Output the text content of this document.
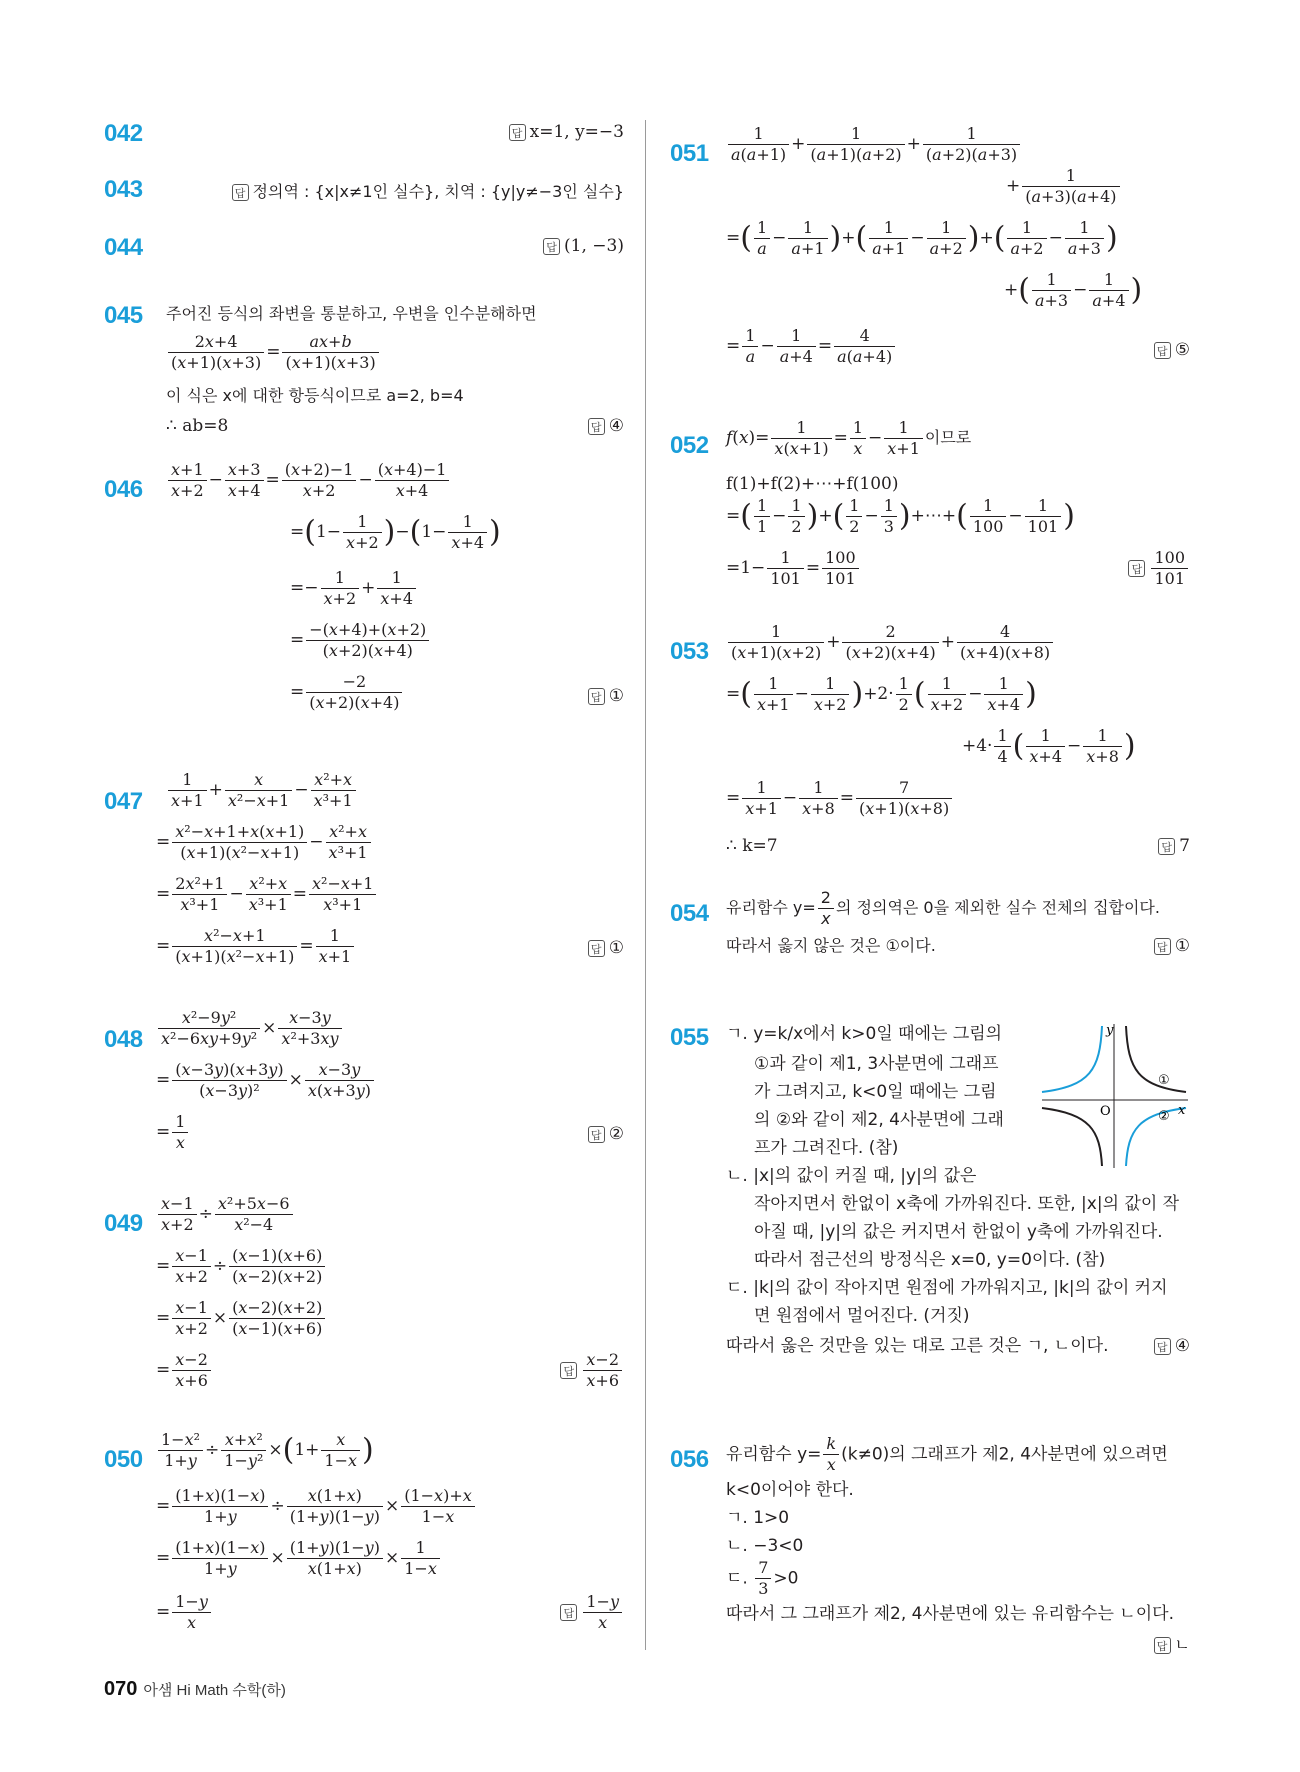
042	답 x=1, y=−3
043	답 정의역 : {x|x≠1인 실수}, 치역 : {y|y≠−3인 실수}
044	답 (1, −3)
045 주어진 등식의 좌변을 통분하고, 우변을 인수분해하면
$\frac{2x+4}{(x+1)(x+3)} = \frac{ax+b}{(x+1)(x+3)}$
이 식은 x에 대한 항등식이므로 a=2, b=4
∴ ab=8	답 ④
$046 \frac{x+1}{x+2} - \frac{x+3}{x+4} = \frac{(x+2)-1}{x+2} - \frac{(x+4)-1}{x+4}$
$=(1- \frac{1}{x+2} )-(1- \frac{1}{x+4}$ )
=− $\frac{1}{x+2} + \frac{1}{x+4}$
= $\frac{-(x+4)+(x+2)}{(x+2)(x+4)}$
= $\frac{-2}{(x+2)(x+4)}$	답 ①
$047 \frac{1}{x+1} + \frac{x}{\text{x²−x+1}} - \frac{\text{x²+x}}{\text{x³+1}}$
= $\frac{\text{x²−x+1+x(x+1)}}{\text{(x+1)(x²−x+1)}} - \frac{\text{x²+x}}{\text{x³+1}}$
= $\frac{\text{2x²+1}}{\text{x³+1}} - \frac{\text{x²+x}}{\text{x³+1}} = \frac{\text{x²−x+1}}{\text{x³+1}}$
= $\frac{\text{x²−x+1}}{\text{(x+1)(x²−x+1)}} = \frac{1}{x+1}$	답 ①
$048 \frac{\text{x²−9y²}}{\text{x²−6xy+9y²}} \times \frac{x-3y}{\text{x²+3xy}}$
= $\frac{(x-3y)(x+3y)}{\text{(x−3y)²}} \times \frac{x-3y}{x(x+3y)}$
= $\frac{1}{x}$	답 ②
$049 \frac{x-1}{x+2} \div \frac{\text{x²+5x−6}}{\text{x²−4}}$
= $\frac{x-1}{x+2} \div \frac{(x-1)(x+6)}{(x-2)(x+2)}$
= $\frac{x-1}{x+2} \times \frac{(x-2)(x+2)}{(x-1)(x+6)}$
= $\frac{x-2}{x+6}$	답 $\frac{x-2}{x+6}$
$050 \frac{\text{1−x²}}{1+y} \div \frac{\text{x+x²}}{\text{1−y²}} \times(1+ \frac{x}{1-x}$ )
= $\frac{(1+x)(1-x)}{1+y} \div \frac{x(1+x)}{(1+y)(1-y)} \times \frac{(1-x)+x}{1-x}$
= $\frac{(1+x)(1-x)}{1+y} \times \frac{(1+y)(1-y)}{x(1+x)} \times \frac{1}{1-x}$
= $\frac{1-y}{x}$	답 $\frac{1-y}{x}$
$051 \frac{1}{a(a+1)} + \frac{1}{(a+1)(a+2)} + \frac{1}{(a+2)(a+3)}$
+ $\frac{1}{(a+3)(a+4)}$
=( $\frac{1}{a} - \frac{1}{a+1}$ )+( $\frac{1}{a+1} - \frac{1}{a+2}$ )+( $\frac{1}{a+2} - \frac{1}{a+3}$ )
+( $\frac{1}{a+3} - \frac{1}{a+4}$ )
= $\frac{1}{a} - \frac{1}{a+4} = \frac{4}{a(a+4)}$	답 ⑤
052 $f(x)= \frac{1}{x(x+1)} = \frac{1}{x} - \frac{1}{x+1}$ 이므로
f(1)+f(2)+⋯+f(100)
=( $\frac{1}{1} - \frac{1}{2}$ )+( $\frac{1}{2} - \frac{1}{3}$ )+⋯+( $\frac{1}{100} - \frac{1}{101}$ )
$=1- \frac{1}{101} = \frac{100}{101}$	답 $\frac{100}{101}$
$053 \frac{1}{(x+1)(x+2)} + \frac{2}{(x+2)(x+4)} + \frac{4}{(x+4)(x+8)}$
=( $\frac{1}{x+1} - \frac{1}{x+2} )+2\cdot \frac{1}{2}$ ( $\frac{1}{x+2} - \frac{1}{x+4}$ )
$+4\cdot \frac{1}{4}$ ( $\frac{1}{x+4} - \frac{1}{x+8}$ )
= $\frac{1}{x+1} - \frac{1}{x+8} = \frac{7}{(x+1)(x+8)}$
∴ k=7	답 7
054 유리함수 $y= \frac{2}{x}$ 의 정의역은 0을 제외한 실수 전체의 집합이다.
따라서 옳지 않은 것은 ①이다.	답 ①
055 ㄱ. y=k/x에서 k>0일 때에는 그림의
①과 같이 제1, 3사분면에 그래프
가 그려지고, k<0일 때에는 그림
의 ②와 같이 제2, 4사분면에 그래
프가 그려진다. (참)
ㄴ. |x|의 값이 커질 때, |y|의 값은
작아지면서 한없이 x축에 가까워진다. 또한, |x|의 값이 작
아질 때, |y|의 값은 커지면서 한없이 y축에 가까워진다.
따라서 점근선의 방정식은 x=0, y=0이다. (참)
ㄷ. |k|의 값이 작아지면 원점에 가까워지고, |k|의 값이 커지
면 원점에서 멀어진다. (거짓)
따라서 옳은 것만을 있는 대로 고른 것은 ㄱ, ㄴ이다.	답 ④
y
x
O
①
②
056 유리함수 $y= \frac{k}{x} (k\ne 0)$의 그래프가 제2, 4사분면에 있으려면
k<0이어야 한다.
ㄱ. 1>0
ㄴ. −3<0
ㄷ. $\frac{7}{3} >0$
따라서 그 그래프가 제2, 4사분면에 있는 유리함수는 ㄴ이다.
답 ㄴ
070 아샘 Hi Math 수학(하)
